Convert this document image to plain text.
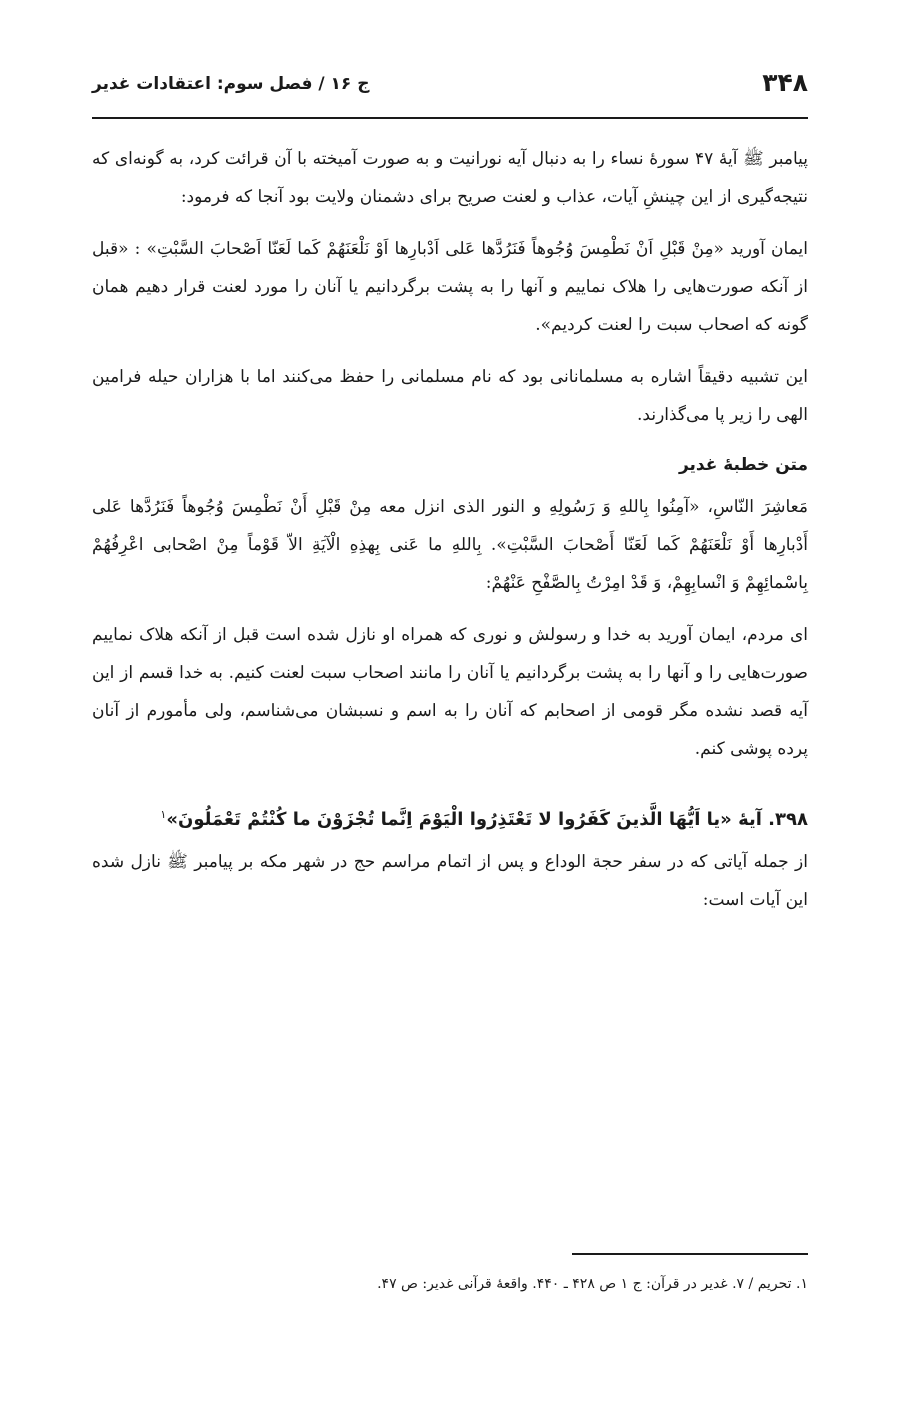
۳۴۸
ج ۱۶ / فصل سوم: اعتقادات غدیر

پیامبر ﷺ آیهٔ ۴۷ سورهٔ نساء را به دنبال آیه نورانیت و به صورت آمیخته با آن قرائت کرد، به گونه‌ای که نتیجه‌گیری از این چینشِ آیات، عذاب و لعنت صریح برای دشمنان ولایت بود آنجا که فرمود:

ایمان آورید «مِنْ قَبْلِ اَنْ نَطْمِسَ وُجُوهاً فَنَرُدَّها عَلی اَدْبارِها اَوْ نَلْعَنَهُمْ کَما لَعَنّا اَصْحابَ السَّبْتِ» : «قبل از آنکه صورت‌هایی را هلاک نماییم و آنها را به پشت برگردانیم یا آنان را مورد لعنت قرار دهیم همان گونه که اصحاب سبت را لعنت کردیم».

این تشبیه دقیقاً اشاره به مسلمانانی بود که نام مسلمانی را حفظ می‌کنند اما با هزاران حیله فرامین الهی را زیر پا می‌گذارند.

متن خطبهٔ غدیر

مَعاشِرَ النّاسِ، «آمِنُوا بِاللهِ وَ رَسُولِهِ و النور الذی انزل معه مِنْ قَبْلِ أَنْ نَطْمِسَ وُجُوهاً فَنَرُدَّها عَلی أَدْبارِها أَوْ نَلْعَنَهُمْ کَما لَعَنّا أَصْحابَ السَّبْتِ». بِاللهِ ما عَنی بِهذِهِ الْآیَةِ الاّ قَوْماً مِنْ اصْحابی اعْرِفُهُمْ بِاسْمائِهِمْ وَ انْسابِهِمْ، وَ قَدْ امِرْتُ بِالصَّفْحِ عَنْهُمْ:

ای مردم، ایمان آورید به خدا و رسولش و نوری که همراه او نازل شده است قبل از آنکه هلاک نماییم صورت‌هایی را و آنها را به پشت برگردانیم یا آنان را مانند اصحاب سبت لعنت کنیم. به خدا قسم از این آیه قصد نشده مگر قومی از اصحابم که آنان را به اسم و نسبشان می‌شناسم، ولی مأمورم از آنان پرده پوشی کنم.

۳۹۸. آیهٔ «یا اَیُّهَا الَّذینَ کَفَرُوا لا تَعْتَذِرُوا الْیَوْمَ اِنَّما تُجْزَوْنَ ما کُنْتُمْ تَعْمَلُونَ»$^۱$

از جمله آیاتی که در سفر حجة الوداع و پس از اتمام مراسم حج در شهر مکه بر پیامبر ﷺ نازل شده این آیات است:

۱. تحریم / ۷. غدیر در قرآن: ج ۱ ص ۴۲۸ ـ ۴۴۰. واقعهٔ قرآنی غدیر: ص ۴۷.
